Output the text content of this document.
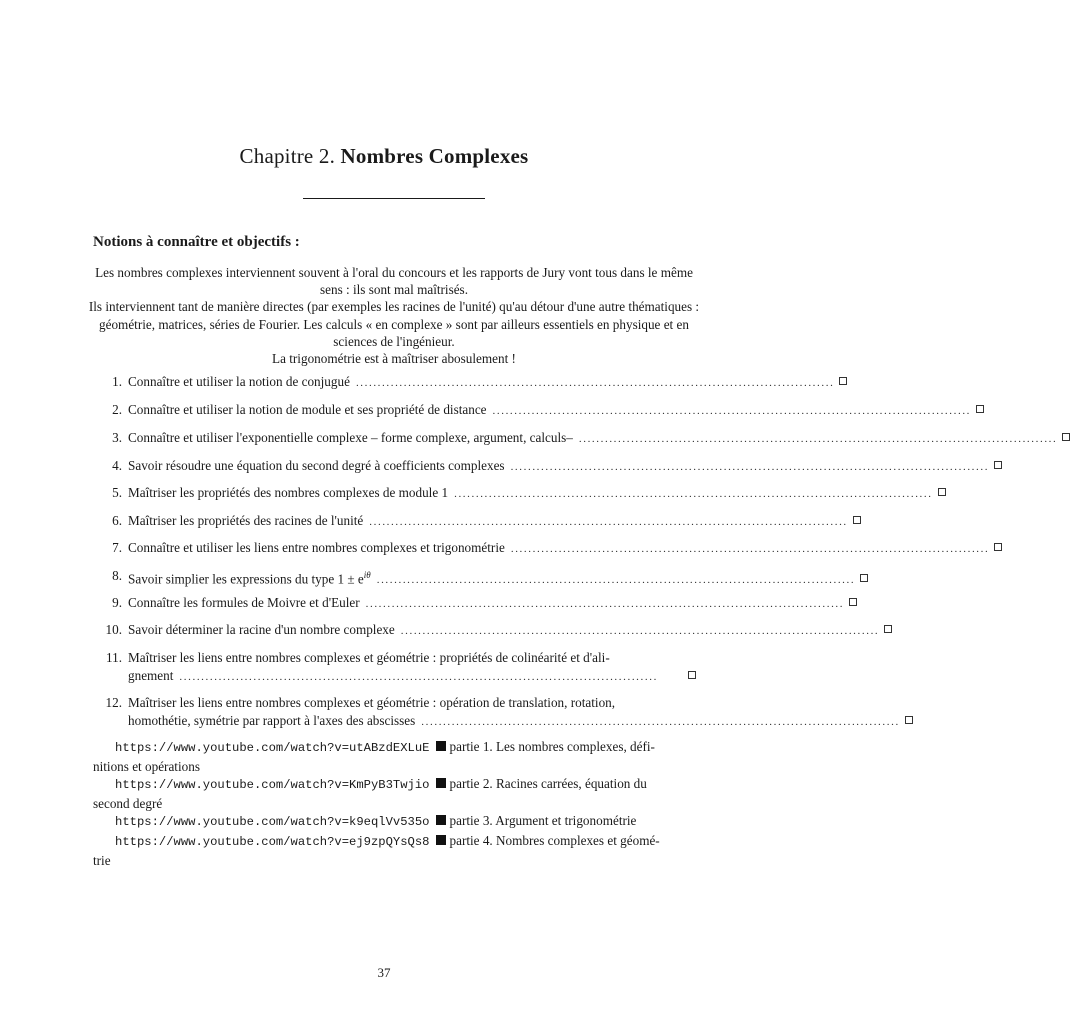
Chapitre 2. Nombres Complexes
Notions à connaître et objectifs :

Les nombres complexes interviennent souvent à l'oral du concours et les rapports de Jury vont tous dans le même sens : ils sont mal maîtrisés.

Ils interviennent tant de manière directes (par exemples les racines de l'unité) qu'au détour d'une autre thématiques : géométrie, matrices, séries de Fourier. Les calculs « en complexe » sont par ailleurs essentiels en physique et en sciences de l'ingénieur.

La trigonométrie est à maîtriser abosulement !

1. Connaître et utiliser la notion de conjugué ..............................................................................................................
2. Connaître et utiliser la notion de module et ses propriété de distance ..............................................................................................................
3. Connaître et utiliser l'exponentielle complexe – forme complexe, argument, calculs– ..............................................................................................................
4. Savoir résoudre une équation du second degré à coefficients complexes ..............................................................................................................
5. Maîtriser les propriétés des nombres complexes de module 1 ..............................................................................................................
6. Maîtriser les propriétés des racines de l'unité ..............................................................................................................
7. Connaître et utiliser les liens entre nombres complexes et trigonométrie ..............................................................................................................
8. Savoir simplier les expressions du type $1 \pm e^{i\theta}$ ..............................................................................................................
9. Connaître les formules de Moivre et d'Euler ..............................................................................................................
10. Savoir déterminer la racine d'un nombre complexe ..............................................................................................................
11. Maîtriser les liens entre nombres complexes et géométrie : propriétés de colinéarité et d'ali-
gnement ..............................................................................................................
12. Maîtriser les liens entre nombres complexes et géométrie : opération de translation, rotation,
homothétie, symétrie par rapport à l'axes des abscisses ..............................................................................................................
https://www.youtube.com/watch?v=utABzdEXLuE partie 1. Les nombres complexes, défi-
nitions et opérations
https://www.youtube.com/watch?v=KmPyB3Twjio partie 2. Racines carrées, équation du
second degré
https://www.youtube.com/watch?v=k9eqlVv535o partie 3. Argument et trigonométrie
https://www.youtube.com/watch?v=ej9zpQYsQs8 partie 4. Nombres complexes et géomé-
trie
37
